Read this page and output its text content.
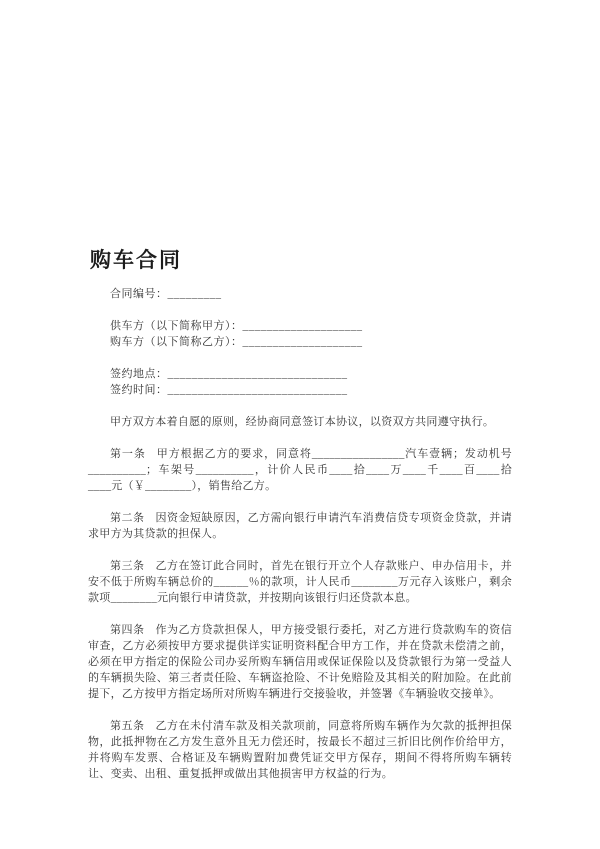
购车合同

合同编号：_________

供车方（以下简称甲方）：____________________

购车方（以下简称乙方）：____________________

签约地点：______________________________

签约时间：______________________________

甲方双方本着自愿的原则，经协商同意签订本协议，以资双方共同遵守执行。

第一条 甲方根据乙方的要求，同意将________________汽车壹辆；发动机号__________；车架号__________，计价人民币____拾____万____千____百____拾____元（￥________），销售给乙方。

第二条 因资金短缺原因，乙方需向银行申请汽车消费信贷专项资金贷款，并请求甲方为其贷款的担保人。

第三条 乙方在签订此合同时，首先在银行开立个人存款账户、申办信用卡，并安不低于所购车辆总价的______％的款项，计人民币________万元存入该账户，剩余款项________元向银行申请贷款，并按期向该银行归还贷款本息。

第四条 作为乙方贷款担保人，甲方接受银行委托，对乙方进行贷款购车的资信审查，乙方必须按甲方要求提供详实证明资料配合甲方工作，并在贷款未偿清之前，必须在甲方指定的保险公司办妥所购车辆信用或保证保险以及贷款银行为第一受益人的车辆损失险、第三者责任险、车辆盗抢险、不计免赔险及其相关的附加险。在此前提下，乙方按甲方指定场所对所购车辆进行交接验收，并签署《车辆验收交接单》。

第五条 乙方在未付清车款及相关款项前，同意将所购车辆作为欠款的抵押担保物，此抵押物在乙方发生意外且无力偿还时，按最长不超过三折旧比例作价给甲方，并将购车发票、合格证及车辆购置附加费凭证交甲方保存，期间不得将所购车辆转让、变卖、出租、重复抵押或做出其他损害甲方权益的行为。
